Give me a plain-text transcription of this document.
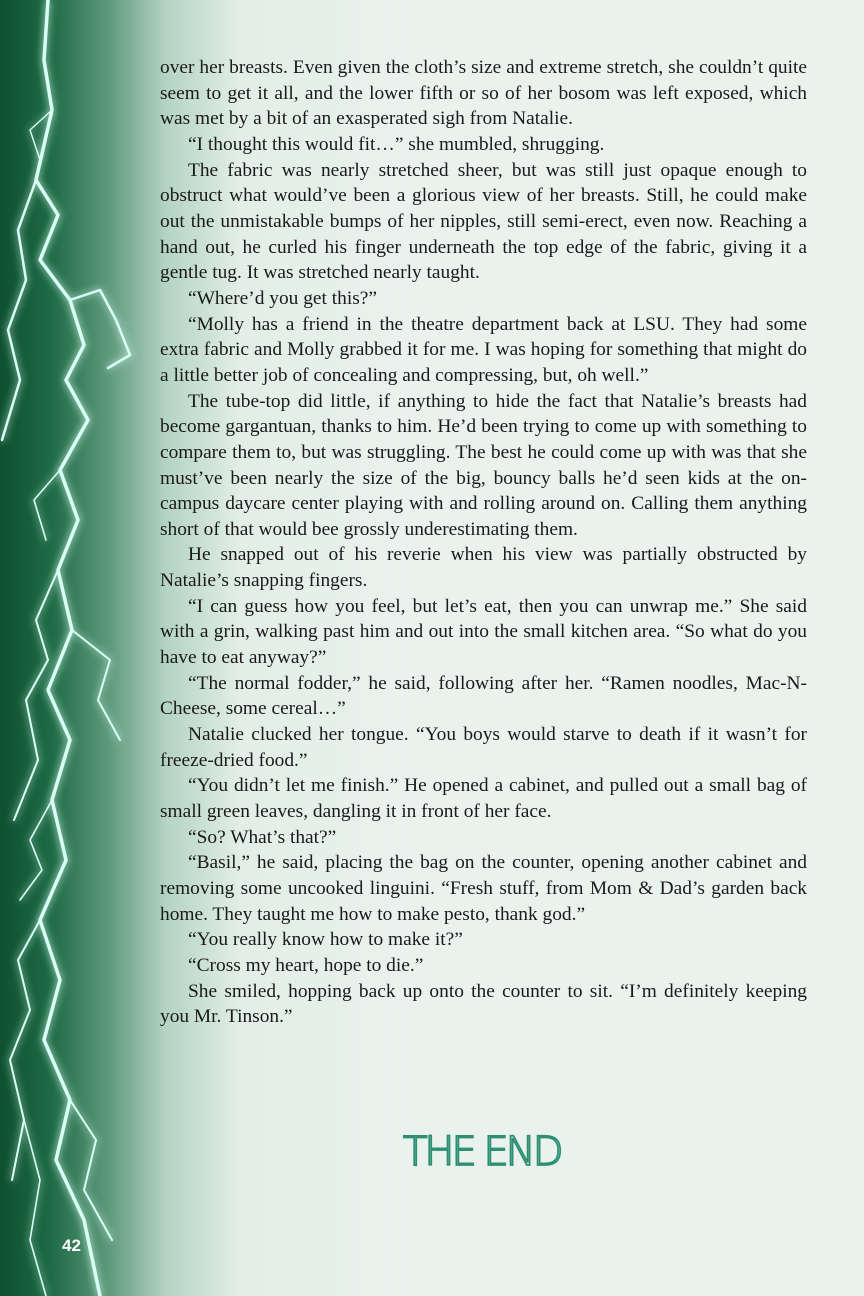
over her breasts. Even given the cloth’s size and extreme stretch, she couldn’t quite seem to get it all, and the lower fifth or so of her bosom was left exposed, which was met by a bit of an exasperated sigh from Natalie.

“I thought this would fit…” she mumbled, shrugging.

The fabric was nearly stretched sheer, but was still just opaque enough to obstruct what would’ve been a glorious view of her breasts. Still, he could make out the unmistakable bumps of her nipples, still semi-erect, even now. Reaching a hand out, he curled his finger underneath the top edge of the fabric, giving it a gentle tug. It was stretched nearly taught.

“Where’d you get this?”

“Molly has a friend in the theatre department back at LSU. They had some extra fabric and Molly grabbed it for me. I was hoping for something that might do a little better job of concealing and compressing, but, oh well.”

The tube-top did little, if anything to hide the fact that Natalie’s breasts had become gargantuan, thanks to him. He’d been trying to come up with something to compare them to, but was struggling. The best he could come up with was that she must’ve been nearly the size of the big, bouncy balls he’d seen kids at the on-campus daycare center playing with and rolling around on. Calling them anything short of that would bee grossly underestimating them.

He snapped out of his reverie when his view was partially obstructed by Natalie’s snapping fingers.

“I can guess how you feel, but let’s eat, then you can unwrap me.” She said with a grin, walking past him and out into the small kitchen area. “So what do you have to eat anyway?”

“The normal fodder,” he said, following after her. “Ramen noodles, Mac-N-Cheese, some cereal…”

Natalie clucked her tongue. “You boys would starve to death if it wasn’t for freeze-dried food.”

“You didn’t let me finish.” He opened a cabinet, and pulled out a small bag of small green leaves, dangling it in front of her face.

“So? What’s that?”

“Basil,” he said, placing the bag on the counter, opening another cabinet and removing some uncooked linguini. “Fresh stuff, from Mom & Dad’s garden back home. They taught me how to make pesto, thank god.”

“You really know how to make it?”

“Cross my heart, hope to die.”

She smiled, hopping back up onto the counter to sit. “I’m definitely keeping you Mr. Tinson.”

THE END
42
